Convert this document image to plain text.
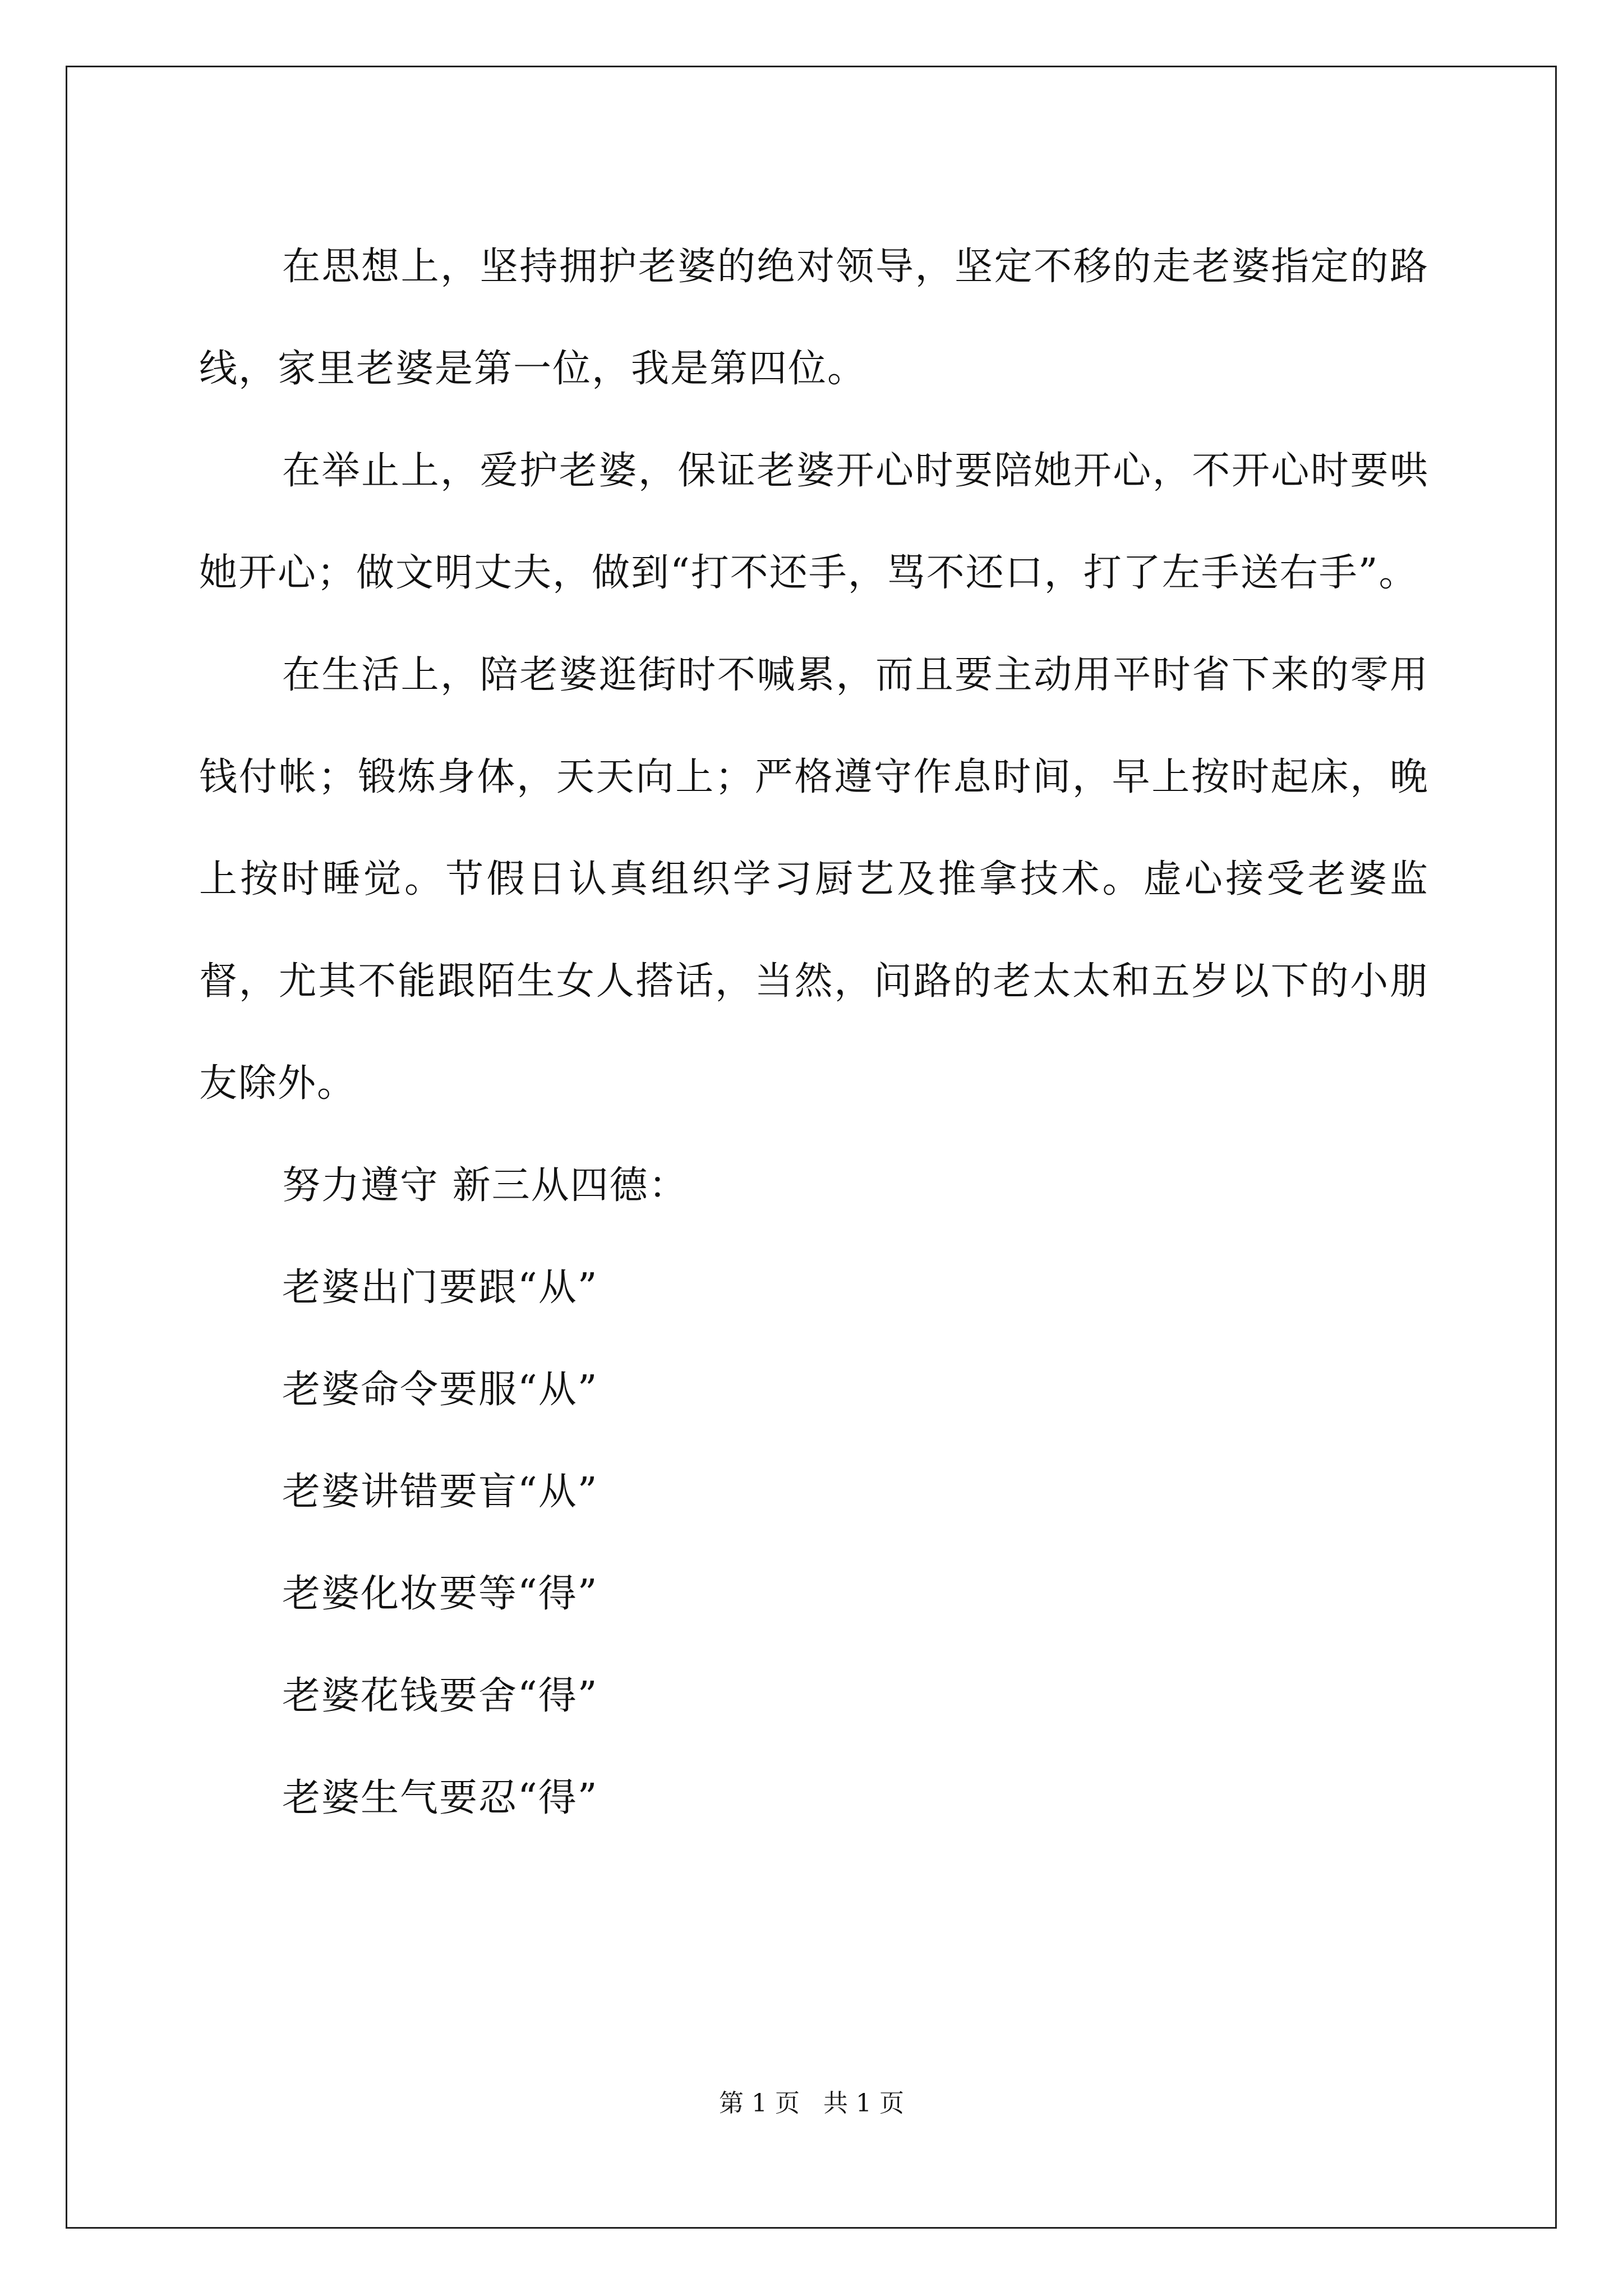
在思想上，坚持拥护老婆的绝对领导，坚定不移的走老婆指定的路线，家里老婆是第一位，我是第四位。

在举止上，爱护老婆，保证老婆开心时要陪她开心，不开心时要哄她开心；做文明丈夫，做到“打不还手，骂不还口，打了左手送右手”。

在生活上，陪老婆逛街时不喊累，而且要主动用平时省下来的零用钱付帐；锻炼身体，天天向上；严格遵守作息时间，早上按时起床，晚上按时睡觉。节假日认真组织学习厨艺及推拿技术。虚心接受老婆监督，尤其不能跟陌生女人搭话，当然，问路的老太太和五岁以下的小朋友除外。

努力遵守 新三从四德：

老婆出门要跟“从”

老婆命令要服“从”

老婆讲错要盲“从”

老婆化妆要等“得”

老婆花钱要舍“得”

老婆生气要忍“得”

第 1 页   共 1 页
